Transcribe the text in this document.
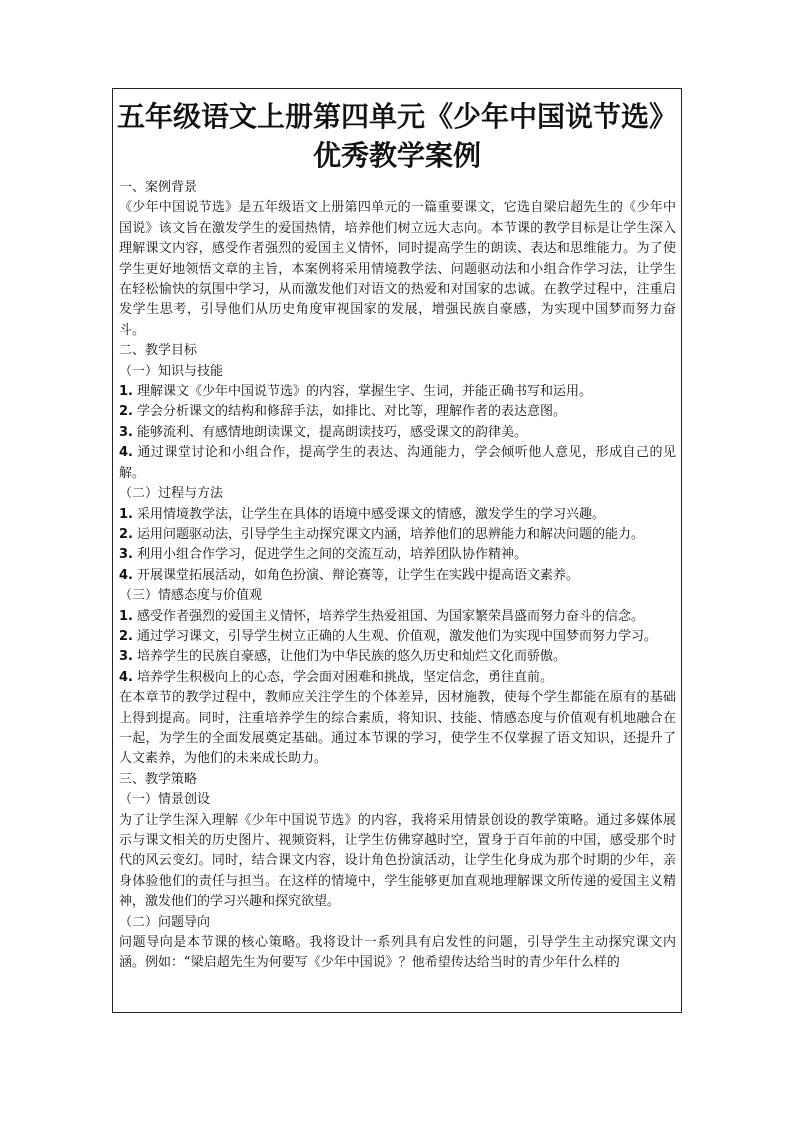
五年级语文上册第四单元《少年中国说节选》
优秀教学案例

一、案例背景

《少年中国说节选》是五年级语文上册第四单元的一篇重要课文，它选自梁启超先生的《少年中国说》该文旨在激发学生的爱国热情，培养他们树立远大志向。本节课的教学目标是让学生深入理解课文内容，感受作者强烈的爱国主义情怀，同时提高学生的朗读、表达和思维能力。为了使学生更好地领悟文章的主旨，本案例将采用情境教学法、问题驱动法和小组合作学习法，让学生在轻松愉快的氛围中学习，从而激发他们对语文的热爱和对国家的忠诚。在教学过程中，注重启发学生思考，引导他们从历史角度审视国家的发展，增强民族自豪感，为实现中国梦而努力奋斗。

二、教学目标

（一）知识与技能

1. 理解课文《少年中国说节选》的内容，掌握生字、生词，并能正确书写和运用。

2. 学会分析课文的结构和修辞手法，如排比、对比等，理解作者的表达意图。

3. 能够流利、有感情地朗读课文，提高朗读技巧，感受课文的韵律美。

4. 通过课堂讨论和小组合作，提高学生的表达、沟通能力，学会倾听他人意见，形成自己的见解。

（二）过程与方法

1. 采用情境教学法，让学生在具体的语境中感受课文的情感，激发学生的学习兴趣。

2. 运用问题驱动法，引导学生主动探究课文内涵，培养他们的思辨能力和解决问题的能力。

3. 利用小组合作学习，促进学生之间的交流互动，培养团队协作精神。

4. 开展课堂拓展活动，如角色扮演、辩论赛等，让学生在实践中提高语文素养。

（三）情感态度与价值观

1. 感受作者强烈的爱国主义情怀，培养学生热爱祖国、为国家繁荣昌盛而努力奋斗的信念。

2. 通过学习课文，引导学生树立正确的人生观、价值观，激发他们为实现中国梦而努力学习。

3. 培养学生的民族自豪感，让他们为中华民族的悠久历史和灿烂文化而骄傲。

4. 培养学生积极向上的心态，学会面对困难和挑战，坚定信念，勇往直前。

在本章节的教学过程中，教师应关注学生的个体差异，因材施教，使每个学生都能在原有的基础上得到提高。同时，注重培养学生的综合素质，将知识、技能、情感态度与价值观有机地融合在一起，为学生的全面发展奠定基础。通过本节课的学习，使学生不仅掌握了语文知识，还提升了人文素养，为他们的未来成长助力。

三、教学策略

（一）情景创设

为了让学生深入理解《少年中国说节选》的内容，我将采用情景创设的教学策略。通过多媒体展示与课文相关的历史图片、视频资料，让学生仿佛穿越时空，置身于百年前的中国，感受那个时代的风云变幻。同时，结合课文内容，设计角色扮演活动，让学生化身成为那个时期的少年，亲身体验他们的责任与担当。在这样的情境中，学生能够更加直观地理解课文所传递的爱国主义精神，激发他们的学习兴趣和探究欲望。

（二）问题导向

问题导向是本节课的核心策略。我将设计一系列具有启发性的问题，引导学生主动探究课文内涵。例如：“梁启超先生为何要写《少年中国说》？他希望传达给当时的青少年什么样的
